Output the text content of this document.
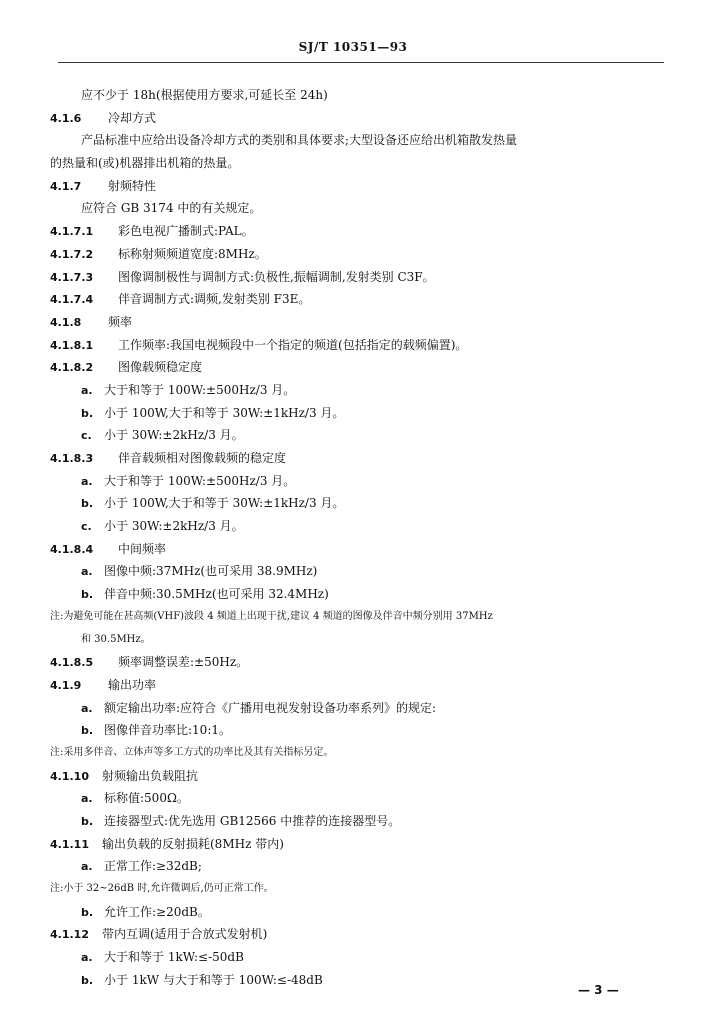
SJ/T 10351—93
应不少于 18h(根据使用方要求,可延长至 24h)
4.1.6 冷却方式
产品标准中应给出设备冷却方式的类别和具体要求;大型设备还应给出机箱散发热量
的热量和(或)机器排出机箱的热量。
4.1.7 射频特性
应符合 GB 3174 中的有关规定。
4.1.7.1 彩色电视广播制式:PAL。
4.1.7.2 标称射频频道宽度:8MHz。
4.1.7.3 图像调制极性与调制方式:负极性,振幅调制,发射类别 C3F。
4.1.7.4 伴音调制方式:调频,发射类别 F3E。
4.1.8 频率
4.1.8.1 工作频率:我国电视频段中一个指定的频道(包括指定的载频偏置)。
4.1.8.2 图像载频稳定度
a. 大于和等于 100W:±500Hz/3 月。
b. 小于 100W,大于和等于 30W:±1kHz/3 月。
c. 小于 30W:±2kHz/3 月。
4.1.8.3 伴音载频相对图像载频的稳定度
a. 大于和等于 100W:±500Hz/3 月。
b. 小于 100W,大于和等于 30W:±1kHz/3 月。
c. 小于 30W:±2kHz/3 月。
4.1.8.4 中间频率
a. 图像中频:37MHz(也可采用 38.9MHz)
b. 伴音中频:30.5MHz(也可采用 32.4MHz)
注:为避免可能在甚高频(VHF)波段 4 频道上出现干扰,建议 4 频道的图像及伴音中频分别用 37MHz
和 30.5MHz。
4.1.8.5 频率调整误差:±50Hz。
4.1.9 输出功率
a. 额定输出功率:应符合《广播用电视发射设备功率系列》的规定:
b. 图像伴音功率比:10:1。
注:采用多伴音、立体声等多工方式的功率比及其有关指标另定。
4.1.10 射频输出负载阻抗
a. 标称值:500Ω。
b. 连接器型式:优先选用 GB12566 中推荐的连接器型号。
4.1.11 输出负载的反射损耗(8MHz 带内)
a. 正常工作:≥32dB;
注:小于 32~26dB 时,允许微调后,仍可正常工作。
b. 允许工作:≥20dB。
4.1.12 带内互调(适用于合放式发射机)
a. 大于和等于 1kW:≤-50dB
b. 小于 1kW 与大于和等于 100W:≤-48dB
— 3 —
